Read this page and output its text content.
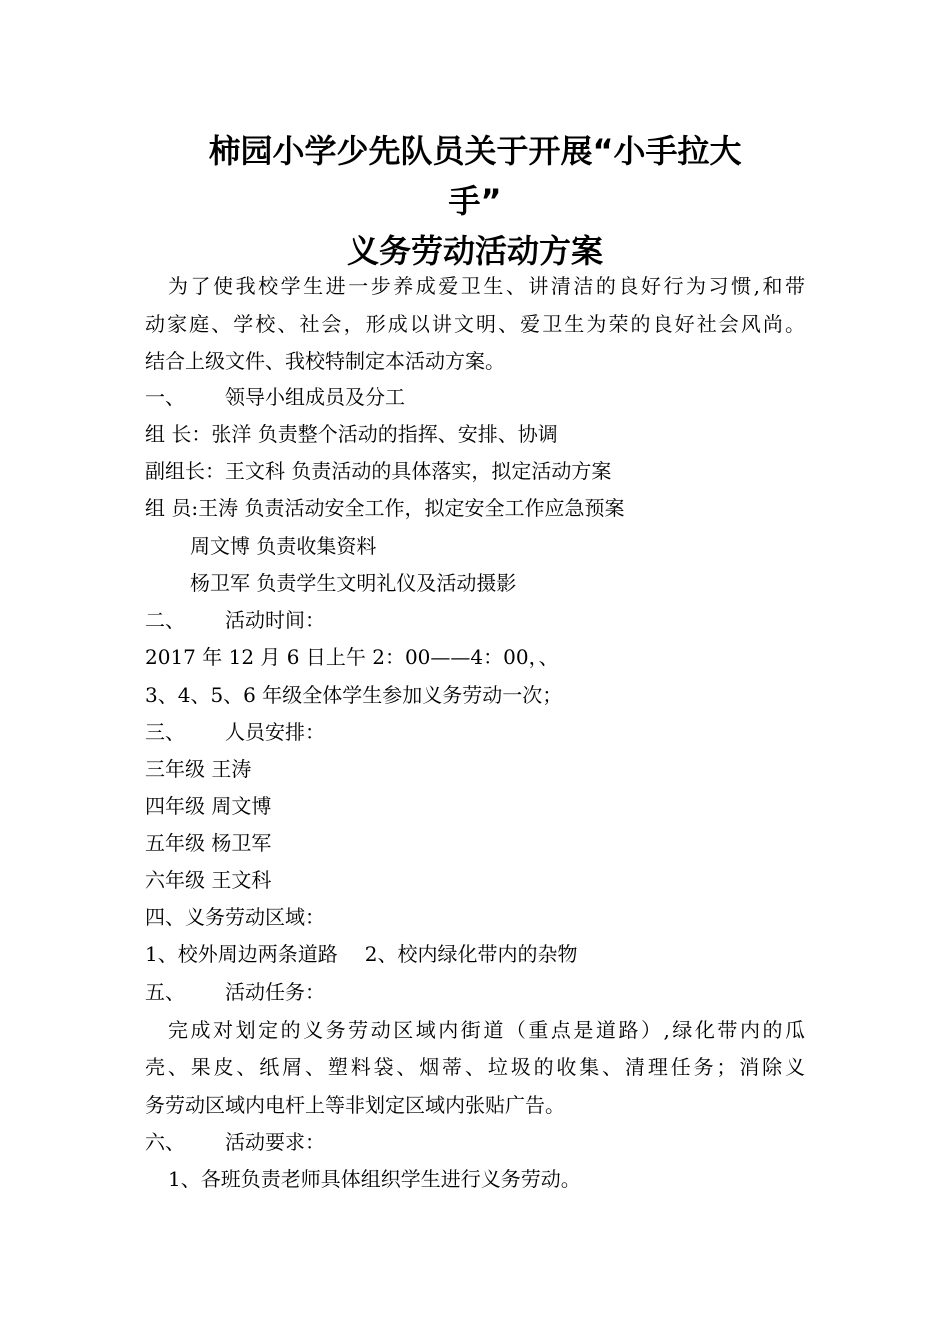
柿园小学少先队员关于开展“小手拉大
手”
义务劳动活动方案
为了使我校学生进一步养成爱卫生、讲清洁的良好行为习惯,和带
动家庭、学校、社会，形成以讲文明、爱卫生为荣的良好社会风尚。
结合上级文件、我校特制定本活动方案。
一、 领导小组成员及分工
组 长：张洋 负责整个活动的指挥、安排、协调
副组长：王文科 负责活动的具体落实，拟定活动方案
组 员:王涛 负责活动安全工作，拟定安全工作应急预案
周文博 负责收集资料
杨卫军 负责学生文明礼仪及活动摄影
二、 活动时间：
2017 年 12 月 6 日上午 2：00——4：00，、
3、4、5、6 年级全体学生参加义务劳动一次；
三、 人员安排：
三年级 王涛
四年级 周文博
五年级 杨卫军
六年级 王文科
四、义务劳动区域：
1、校外周边两条道路 2、校内绿化带内的杂物
五、 活动任务：
完成对划定的义务劳动区域内街道（重点是道路）,绿化带内的瓜
壳、果皮、纸屑、塑料袋、烟蒂、垃圾的收集、清理任务；消除义
务劳动区域内电杆上等非划定区域内张贴广告。
六、 活动要求：
1、各班负责老师具体组织学生进行义务劳动。
